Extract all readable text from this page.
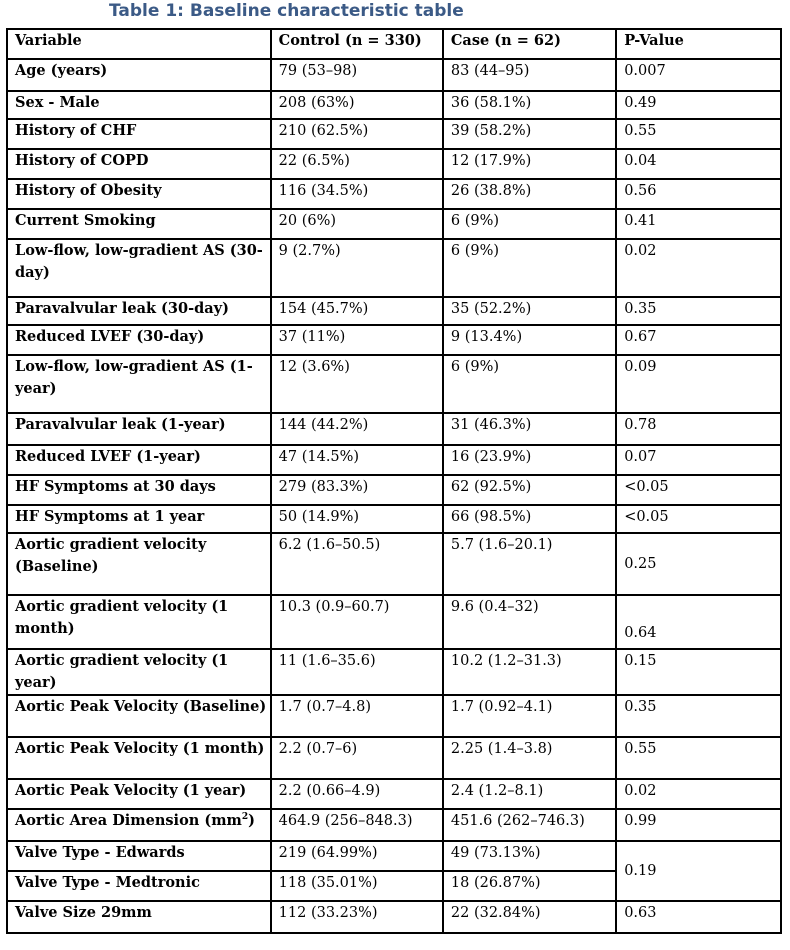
Table 1: Baseline characteristic table
Variable	Control (n = 330)	Case (n = 62)	P-Value
Age (years)	79 (53–98)	83 (44–95)	0.007
Sex - Male	208 (63%)	36 (58.1%)	0.49
History of CHF	210 (62.5%)	39 (58.2%)	0.55
History of COPD	22 (6.5%)	12 (17.9%)	0.04
History of Obesity	116 (34.5%)	26 (38.8%)	0.56
Current Smoking	20 (6%)	6 (9%)	0.41
Low-flow, low-gradient AS (30-day)	9 (2.7%)	6 (9%)	0.02
Paravalvular leak (30-day)	154 (45.7%)	35 (52.2%)	0.35
Reduced LVEF (30-day)	37 (11%)	9 (13.4%)	0.67
Low-flow, low-gradient AS (1-year)	12 (3.6%)	6 (9%)	0.09
Paravalvular leak (1-year)	144 (44.2%)	31 (46.3%)	0.78
Reduced LVEF (1-year)	47 (14.5%)	16 (23.9%)	0.07
HF Symptoms at 30 days	279 (83.3%)	62 (92.5%)	<0.05
HF Symptoms at 1 year	50 (14.9%)	66 (98.5%)	<0.05
Aortic gradient velocity (Baseline)	6.2 (1.6–50.5)	5.7 (1.6–20.1)	0.25
Aortic gradient velocity (1 month)	10.3 (0.9–60.7)	9.6 (0.4–32)	0.64
Aortic gradient velocity (1 year)	11 (1.6–35.6)	10.2 (1.2–31.3)	0.15
Aortic Peak Velocity (Baseline)	1.7 (0.7–4.8)	1.7 (0.92–4.1)	0.35
Aortic Peak Velocity (1 month)	2.2 (0.7–6)	2.25 (1.4–3.8)	0.55
Aortic Peak Velocity (1 year)	2.2 (0.66–4.9)	2.4 (1.2–8.1)	0.02
Aortic Area Dimension $(mm^2)$	464.9 (256–848.3)	451.6 (262–746.3)	0.99
Valve Type - Edwards	219 (64.99%)	49 (73.13%)	0.19
Valve Type - Medtronic	118 (35.01%)	18 (26.87%)	
Valve Size 29mm	112 (33.23%)	22 (32.84%)	0.63
